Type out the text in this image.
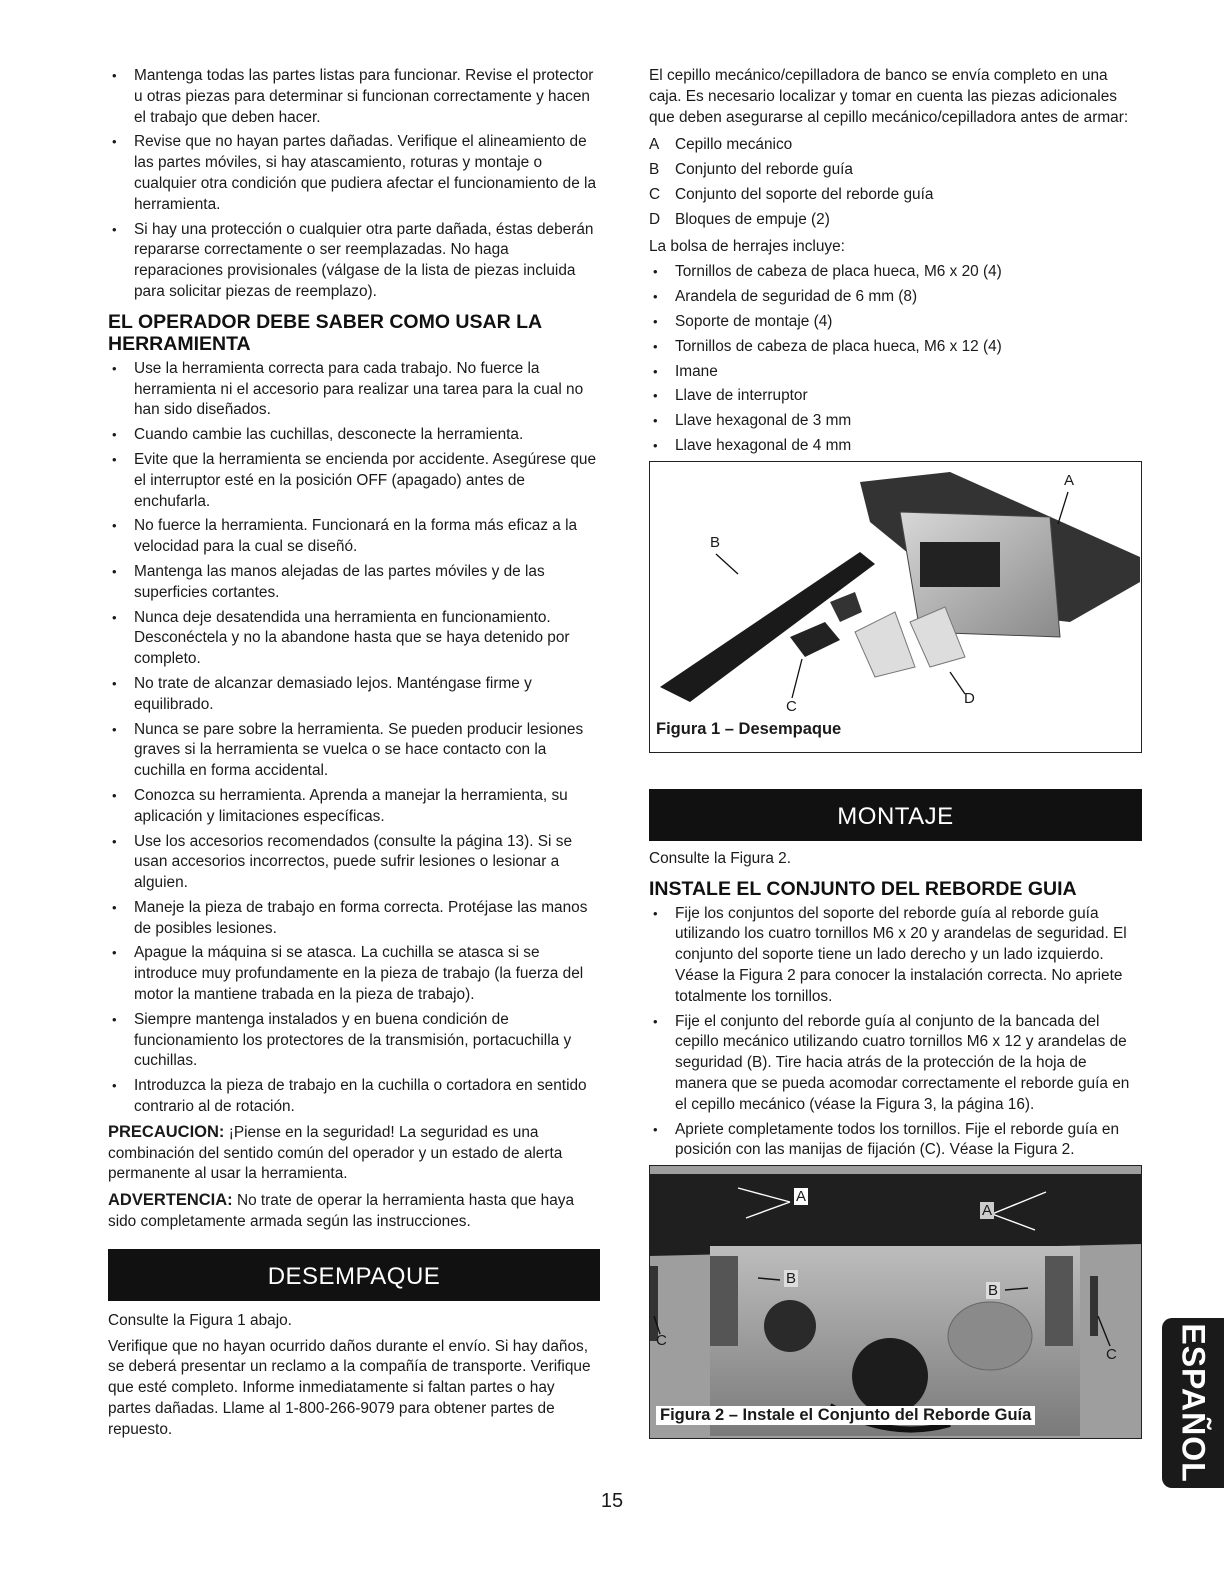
• Mantenga todas las partes listas para funcionar. Revise el protector u otras piezas para determinar si funcionan correctamente y hacen el trabajo que deben hacer.
• Revise que no hayan partes dañadas. Verifique el alineamiento de las partes móviles, si hay atascamiento, roturas y montaje o cualquier otra condición que pudiera afectar el funcionamiento de la herramienta.
• Si hay una protección o cualquier otra parte dañada, éstas deberán repararse correctamente o ser reemplazadas. No haga reparaciones provisionales (válgase de la lista de piezas incluida para solicitar piezas de reemplazo).
EL OPERADOR DEBE SABER COMO USAR LA HERRAMIENTA
• Use la herramienta correcta para cada trabajo. No fuerce la herramienta ni el accesorio para realizar una tarea para la cual no han sido diseñados.
• Cuando cambie las cuchillas, desconecte la herramienta.
• Evite que la herramienta se encienda por accidente. Asegúrese que el interruptor esté en la posición OFF (apagado) antes de enchufarla.
• No fuerce la herramienta. Funcionará en la forma más eficaz a la velocidad para la cual se diseñó.
• Mantenga las manos alejadas de las partes móviles y de las superficies cortantes.
• Nunca deje desatendida una herramienta en funcionamiento. Desconéctela y no la abandone hasta que se haya detenido por completo.
• No trate de alcanzar demasiado lejos. Manténgase firme y equilibrado.
• Nunca se pare sobre la herramienta. Se pueden producir lesiones graves si la herramienta se vuelca o se hace contacto con la cuchilla en forma accidental.
• Conozca su herramienta. Aprenda a manejar la herramienta, su aplicación y limitaciones específicas.
• Use los accesorios recomendados (consulte la página 13). Si se usan accesorios incorrectos, puede sufrir lesiones o lesionar a alguien.
• Maneje la pieza de trabajo en forma correcta. Protéjase las manos de posibles lesiones.
• Apague la máquina si se atasca. La cuchilla se atasca si se introduce muy profundamente en la pieza de trabajo (la fuerza del motor la mantiene trabada en la pieza de trabajo).
• Siempre mantenga instalados y en buena condición de funcionamiento los protectores de la transmisión, portacuchilla y cuchillas.
• Introduzca la pieza de trabajo en la cuchilla o cortadora en sentido contrario al de rotación.

PRECAUCION: ¡Piense en la seguridad! La seguridad es una combinación del sentido común del operador y un estado de alerta permanente al usar la herramienta.

ADVERTENCIA: No trate de operar la herramienta hasta que haya sido completamente armada según las instrucciones.

DESEMPAQUE

Consulte la Figura 1 abajo.

Verifique que no hayan ocurrido daños durante el envío. Si hay daños, se deberá presentar un reclamo a la compañía de transporte. Verifique que esté completo. Informe inmediatamente si faltan partes o hay partes dañadas. Llame al 1-800-266-9079 para obtener partes de repuesto.

El cepillo mecánico/cepilladora de banco se envía completo en una caja. Es necesario localizar y tomar en cuenta las piezas adicionales que deben asegurarse al cepillo mecánico/cepilladora antes de armar:

A Cepillo mecánico
B Conjunto del reborde guía
C Conjunto del soporte del reborde guía
D Bloques de empuje (2)

La bolsa de herrajes incluye:

• Tornillos de cabeza de placa hueca, M6 x 20 (4)
• Arandela de seguridad de 6 mm (8)
• Soporte de montaje (4)
• Tornillos de cabeza de placa hueca, M6 x 12 (4)
• Imane
• Llave de interruptor
• Llave hexagonal de 3 mm
• Llave hexagonal de 4 mm
A
B
C	D
Figura 1 – Desempaque
MONTAJE

Consulte la Figura 2.

INSTALE EL CONJUNTO DEL REBORDE GUIA
• Fije los conjuntos del soporte del reborde guía al reborde guía utilizando los cuatro tornillos M6 x 20 y arandelas de seguridad. El conjunto del soporte tiene un lado derecho y un lado izquierdo. Véase la Figura 2 para conocer la instalación correcta. No apriete totalmente los tornillos.
• Fije el conjunto del reborde guía al conjunto de la bancada del cepillo mecánico utilizando cuatro tornillos M6 x 12 y arandelas de seguridad (B). Tire hacia atrás de la protección de la hoja de manera que se pueda acomodar correctamente el reborde guía en el cepillo mecánico (véase la Figura 3, la página 16).
• Apriete completamente todos los tornillos. Fije el reborde guía en posición con las manijas de fijación (C). Véase la Figura 2.
A
A
B
B
C
C
Figura 2 – Instale el Conjunto del Reborde Guía
15
ESPAÑOL
